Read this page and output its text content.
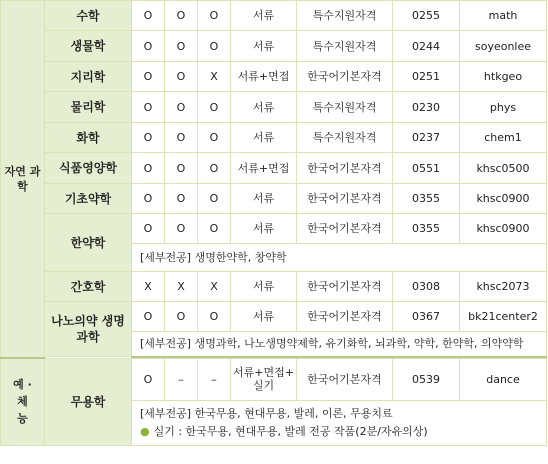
자연 과학	수학	O	O	O	서류	특수지원자격	0255	math
	생물학	O	O	O	서류	특수지원자격	0244	soyeonlee
	지리학	O	O	X	서류+면접	한국어기본자격	0251	htkgeo
	물리학	O	O	O	서류	특수지원자격	0230	phys
	화학	O	O	O	서류	특수지원자격	0237	chem1
	식품영양학	O	O	O	서류+면접	한국어기본자격	0551	khsc0500
	기초약학	O	O	O	서류	한국어기본자격	0355	khsc0900
	한약학	O	O	O	서류	한국어기본자격	0355	khsc0900
		[세부전공] 생명한약학, 창약학						
	간호학	X	X	X	서류	한국어기본자격	0308	khsc2073
	나노의약 생명과학	O	O	O	서류	한국어기본자격	0367	bk21center2
		[세부전공] 생명과학, 나노생명약제학, 유기화학, 뇌과학, 약학, 한약학, 의약약학						

예 · 체 능	무용학	O	–	–	서류+면접+ 실기	한국어기본자격	0539	dance

		[세부전공] 한국무용, 현대무용, 발레, 이론, 무용치료
● 실기 : 한국무용, 현대무용, 발레 전공 작품(2분/자유의상)						
